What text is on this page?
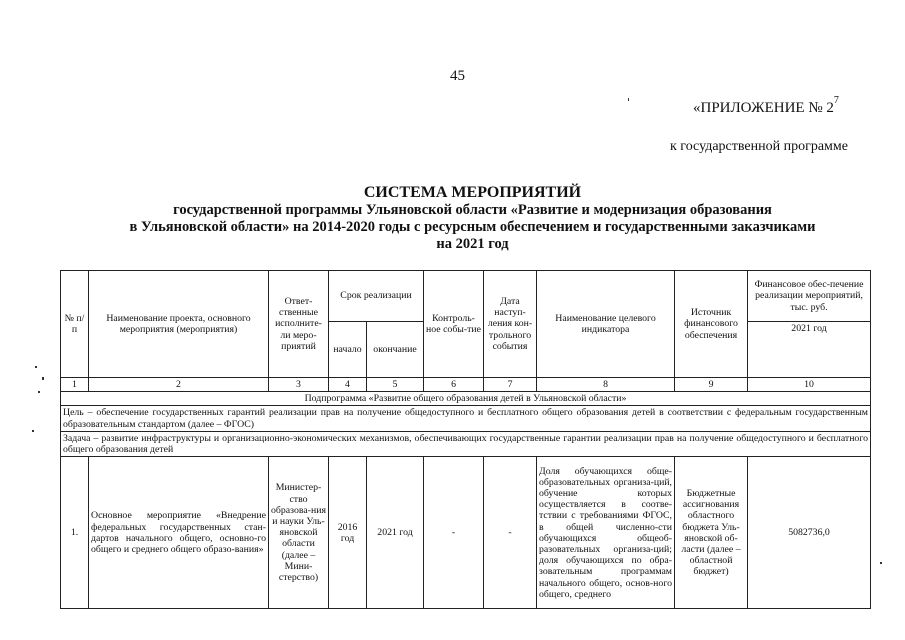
45
«ПРИЛОЖЕНИЕ № $2^7$
к государственной программе
СИСТЕМА МЕРОПРИЯТИЙ
государственной программы Ульяновской области «Развитие и модернизация образования
в Ульяновской области» на 2014-2020 годы с ресурсным обеспечением и государственными заказчиками
на 2021 год
№ п/п	Наименование проекта, основного мероприятия (мероприятия)	Ответ-ственные исполните-ли меро-приятий	Срок реализации		Контроль-ное собы-тие	Дата наступ-ления кон-трольного события	Наименование целевого индикатора	Источник финансового обеспечения	Финансовое обес-печение реализации мероприятий, тыс. руб.
			начало	окончание					2021 год
1	2	3	4	5	6	7	8	9	10
Подпрограмма «Развитие общего образования детей в Ульяновской области»									
Цель – обеспечение государственных гарантий реализации прав на получение общедоступного и бесплатного общего образования детей в соответствии с федеральным государственным образовательным стандартом (далее – ФГОС)									
Задача – развитие инфраструктуры и организационно-экономических механизмов, обеспечивающих государственные гарантии реализации прав на получение общедоступного и бесплатного общего образования детей									
1.	Основное мероприятие «Внедрение федеральных государственных стан-дартов начального общего, основно-го общего и среднего общего образо-вания»	Министер-ство образова-ния и науки Уль-яновской области (далее – Мини-стерство)	2016 год	2021 год	-	-	Доля обучающихся обще-образовательных организа-ций, обучение которых осуществляется в соотве-тствии с требованиями ФГОС, в общей численно-сти обучающихся общеоб-разовательных организа-ций; доля обучающихся по обра-зовательным программам начального общего, основ-ного общего, среднего	Бюджетные ассигнования областного бюджета Уль-яновской об-ласти (далее – областной бюджет)	5082736,0
